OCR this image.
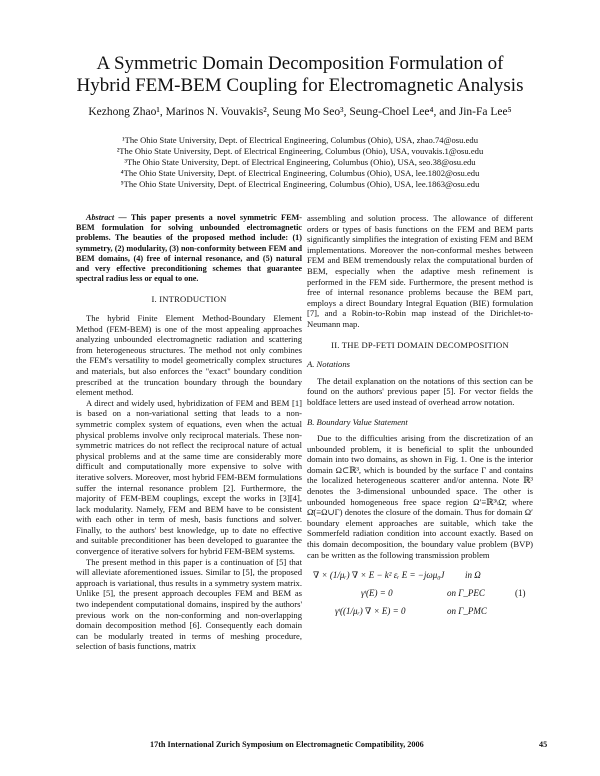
A Symmetric Domain Decomposition Formulation of
Hybrid FEM-BEM Coupling for Electromagnetic Analysis
Kezhong Zhao¹, Marinos N. Vouvakis², Seung Mo Seo³, Seung-Choel Lee⁴, and Jin-Fa Lee⁵
¹The Ohio State University, Dept. of Electrical Engineering, Columbus (Ohio), USA, zhao.74@osu.edu
²The Ohio State University, Dept. of Electrical Engineering, Columbus (Ohio), USA, vouvakis.1@osu.edu
³The Ohio State University, Dept. of Electrical Engineering, Columbus (Ohio), USA, seo.38@osu.edu
⁴The Ohio State University, Dept. of Electrical Engineering, Columbus (Ohio), USA, lee.1802@osu.edu
⁵The Ohio State University, Dept. of Electrical Engineering, Columbus (Ohio), USA, lee.1863@osu.edu

Abstract — This paper presents a novel symmetric FEM-BEM formulation for solving unbounded electromagnetic problems. The beauties of the proposed method include: (1) symmetry, (2) modularity, (3) non-conformity between FEM and BEM domains, (4) free of internal resonance, and (5) natural and very effective preconditioning schemes that guarantee spectral radius less or equal to one.

I. INTRODUCTION

The hybrid Finite Element Method-Boundary Element Method (FEM-BEM) is one of the most appealing approaches analyzing unbounded electromagnetic radiation and scattering from heterogeneous structures. The method not only combines the FEM's versatility to model geometrically complex structures and materials, but also enforces the "exact" boundary condition prescribed at the truncation boundary through the boundary element method.

A direct and widely used, hybridization of FEM and BEM [1] is based on a non-variational setting that leads to a non-symmetric complex system of equations, even when the actual physical problems involve only reciprocal materials. These non-symmetric matrices do not reflect the reciprocal nature of actual physical problems and at the same time are considerably more difficult and computationally more expensive to solve with iterative solvers. Moreover, most hybrid FEM-BEM formulations suffer the internal resonance problem [2]. Furthermore, the majority of FEM-BEM couplings, except the works in [3][4], lack modularity. Namely, FEM and BEM have to be consistent with each other in term of mesh, basis functions and solver. Finally, to the authors' best knowledge, up to date no effective and suitable preconditioner has been developed to guarantee the convergence of iterative solvers for hybrid FEM-BEM systems.

The present method in this paper is a continuation of [5] that will alleviate aforementioned issues. Similar to [5], the proposed approach is variational, thus results in a symmetry system matrix. Unlike [5], the present approach decouples FEM and BEM as two independent computational domains, inspired by the authors' previous work on the non-conforming and non-overlapping domain decomposition method [6]. Consequently each domain can be modularly treated in terms of meshing procedure, selection of basis functions, matrix

assembling and solution process. The allowance of different orders or types of basis functions on the FEM and BEM parts significantly simplifies the integration of existing FEM and BEM implementations. Moreover the non-conformal meshes between FEM and BEM tremendously relax the computational burden of BEM, especially when the adaptive mesh refinement is performed in the FEM side. Furthermore, the present method is free of internal resonance problems because the BEM part, employs a direct Boundary Integral Equation (BIE) formulation [7], and a Robin-to-Robin map instead of the Dirichlet-to-Neumann map.

II. THE DP-FETI DOMAIN DECOMPOSITION
A. Notations

The detail explanation on the notations of this section can be found on the authors' previous paper [5]. For vector fields the boldface letters are used instead of overhead arrow notation.

B. Boundary Value Statement

Due to the difficulties arising from the discretization of an unbounded problem, it is beneficial to split the unbounded domain into two domains, as shown in Fig. 1. One is the interior domain Ω⊂ℝ³, which is bounded by the surface Γ and contains the localized heterogeneous scatterer and/or antenna. Note ℝ³ denotes the 3-dimensional unbounded space. The other is unbounded homogeneous free space region Ω′≡ℝ³\Ω̄, where Ω̄(≡Ω∪Γ) denotes the closure of the domain. Thus for domain Ω′ boundary element approaches are suitable, which take the Sommerfeld radiation condition into account exactly. Based on this domain decomposition, the boundary value problem (BVP) can be written as the following transmission problem

∇ × (1/μᵣ) ∇ × E − k² εᵣ E = −jωμ₀J in Ω
γᵗ(E) = 0	on Γ_PEC	(1)
γᵗ((1/μᵣ) ∇ × E) = 0	on Γ_PMC
17th International Zurich Symposium on Electromagnetic Compatibility, 2006	45
